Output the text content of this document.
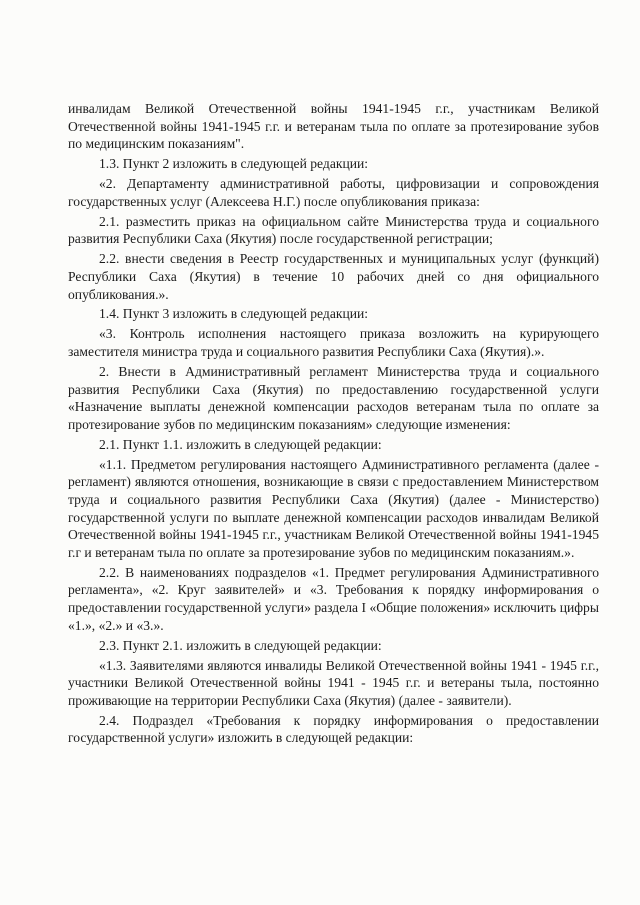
инвалидам Великой Отечественной войны 1941-1945 г.г., участникам Великой Отечественной войны 1941-1945 г.г. и ветеранам тыла по оплате за протезирование зубов по медицинским показаниям".

1.3. Пункт 2 изложить в следующей редакции:

«2. Департаменту административной работы, цифровизации и сопровождения государственных услуг (Алексеева Н.Г.) после опубликования приказа:

2.1. разместить приказ на официальном сайте Министерства труда и социального развития Республики Саха (Якутия) после государственной регистрации;

2.2. внести сведения в Реестр государственных и муниципальных услуг (функций) Республики Саха (Якутия) в течение 10 рабочих дней со дня официального опубликования.».

1.4. Пункт 3 изложить в следующей редакции:

«3. Контроль исполнения настоящего приказа возложить на курирующего заместителя министра труда и социального развития Республики Саха (Якутия).».

2. Внести в Административный регламент Министерства труда и социального развития Республики Саха (Якутия) по предоставлению государственной услуги «Назначение выплаты денежной компенсации расходов ветеранам тыла по оплате за протезирование зубов по медицинским показаниям» следующие изменения:

2.1. Пункт 1.1. изложить в следующей редакции:

«1.1. Предметом регулирования настоящего Административного регламента (далее - регламент) являются отношения, возникающие в связи с предоставлением Министерством труда и социального развития Республики Саха (Якутия) (далее - Министерство) государственной услуги по выплате денежной компенсации расходов инвалидам Великой Отечественной войны 1941-1945 г.г., участникам Великой Отечественной войны 1941-1945 г.г и ветеранам тыла по оплате за протезирование зубов по медицинским показаниям.».

2.2. В наименованиях подразделов «1. Предмет регулирования Административного регламента», «2. Круг заявителей» и «3. Требования к порядку информирования о предоставлении государственной услуги» раздела I «Общие положения» исключить цифры «1.», «2.» и «3.».

2.3. Пункт 2.1. изложить в следующей редакции:

«1.3. Заявителями являются инвалиды Великой Отечественной войны 1941 - 1945 г.г., участники Великой Отечественной войны 1941 - 1945 г.г. и ветераны тыла, постоянно проживающие на территории Республики Саха (Якутия) (далее - заявители).

2.4. Подраздел «Требования к порядку информирования о предоставлении государственной услуги» изложить в следующей редакции:
